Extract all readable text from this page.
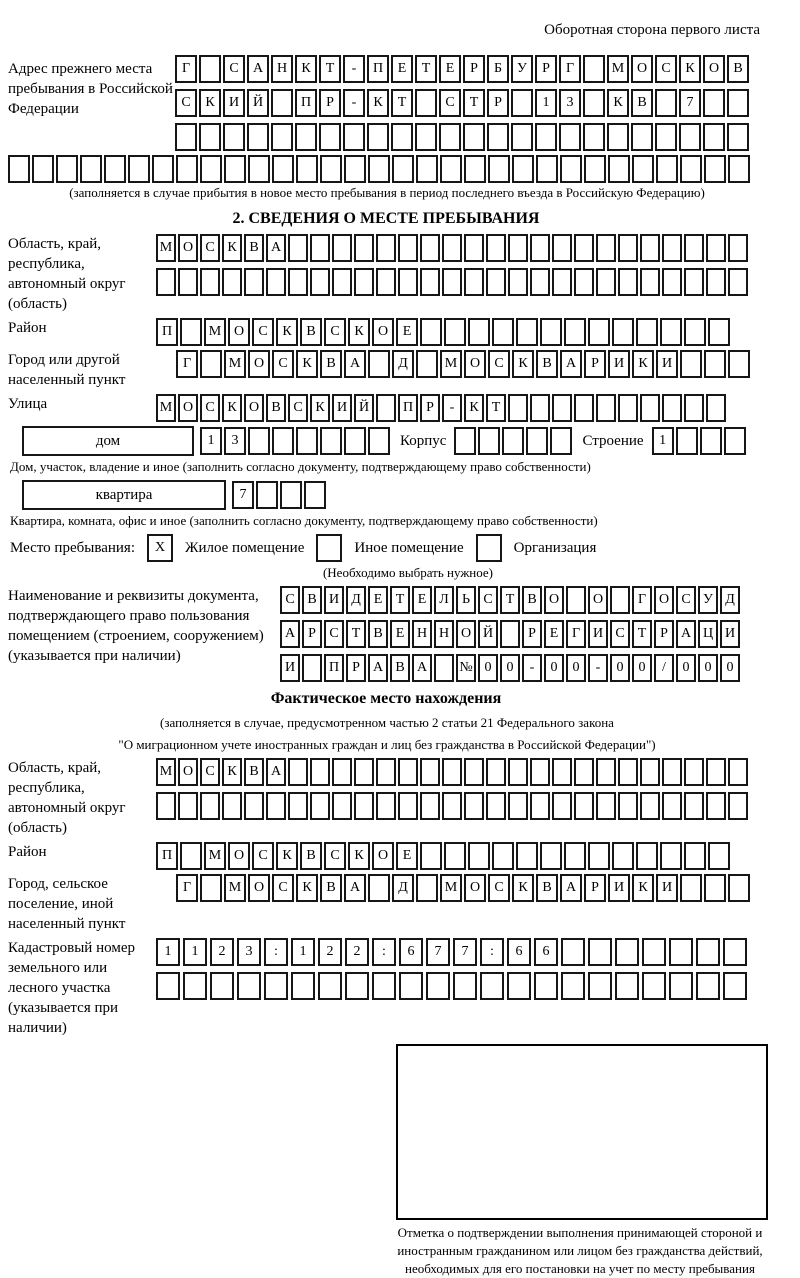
Оборотная сторона первого листа
Адрес прежнего места пребывания в Российской Федерации
Г	С	А Н	К	Т	-	П	Е	Т	Е	Р	Б	У	Р	Г	М О	С	К	О	В
С	К	И Й	П	Р	-	К	Т	С	Т	Р	1	3	К	В	7
(заполняется в случае прибытия в новое место пребывания в период последнего въезда в Российскую Федерацию)
2. СВЕДЕНИЯ О МЕСТЕ ПРЕБЫВАНИЯ
Область, край, республика, автономный округ (область)
М О С К В А
Район	П	М О	С	К	В	С	К	О	Е
Город или другой населенный пункт
Г	М О	С	К	В	А	Д	М О	С	К	В	А	Р	И	К	И
Улица	М О С К О В С К И Й	П Р	-	К Т
дом	1	3	Корпус	Строение	1
Дом, участок, владение и иное (заполнить согласно документу, подтверждающему право собственности)
квартира	7
Квартира, комната, офис и иное (заполнить согласно документу, подтверждающему право собственности)
Место пребывания:	X	Жилое помещение	Иное помещение	Организация
(Необходимо выбрать нужное)
Наименование и реквизиты документа, подтверждающего право пользования помещением (строением, сооружением) (указывается при наличии)
С В И Д Е Т Е Л Ь С Т В О	О	Г О С У Д
А Р С Т В Е Н Н О Й	Р Е Г И С Т Р А Ц И
И	П Р А В А	№ 0	0	-	0	0	-	0	0	/	0	0	0
Фактическое место нахождения
(заполняется в случае, предусмотренном частью 2 статьи 21 Федерального закона
"О миграционном учете иностранных граждан и лиц без гражданства в Российской Федерации")
Область, край, республика, автономный округ (область)
М О С К В А
Район	П	М О	С	К	В	С	К	О	Е
Город, сельское поселение, иной населенный пункт
Г	М О	С	К	В	А	Д	М О	С	К	В	А	Р	И	К	И
Кадастровый номер земельного или лесного участка (указывается при наличии)
1	1	2	3	:	1	2	2	:	6	7	7	:	6	6
Отметка о подтверждении выполнения принимающей стороной и иностранным гражданином или лицом без гражданства действий, необходимых для его постановки на учет по месту пребывания
